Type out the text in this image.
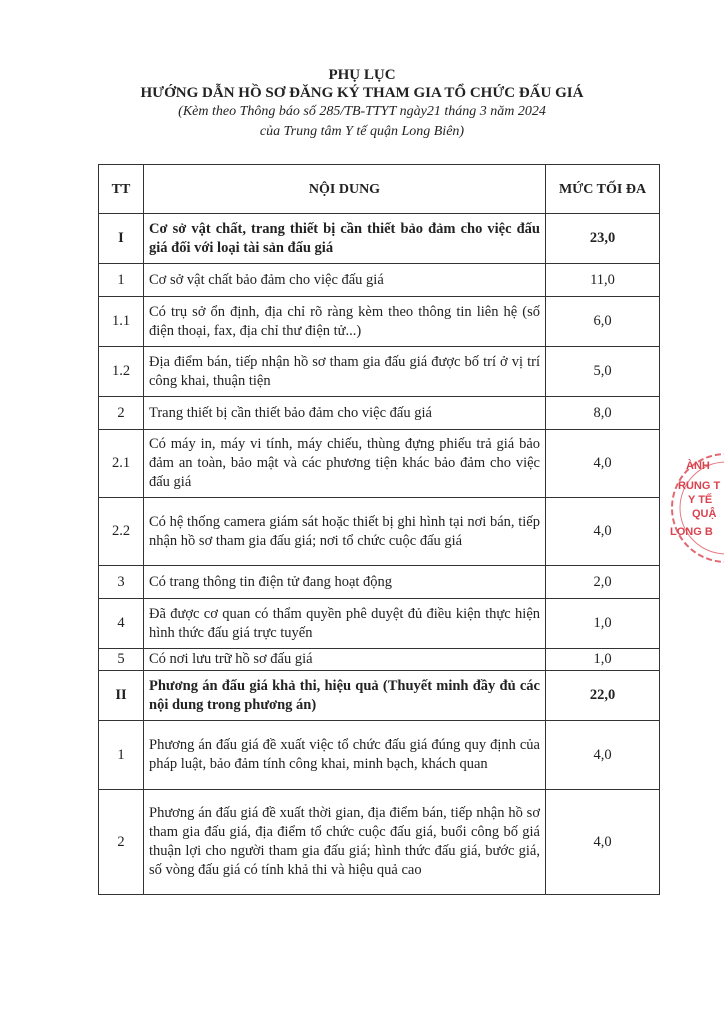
PHỤ LỤC
HƯỚNG DẪN HỒ SƠ ĐĂNG KÝ THAM GIA TỔ CHỨC ĐẤU GIÁ
(Kèm theo Thông báo số 285/TB-TTYT ngày21 tháng 3 năm 2024
của Trung tâm Y tế quận Long Biên)
TT	NỘI DUNG	MỨC TỐI ĐA
I	Cơ sở vật chất, trang thiết bị cần thiết bảo đảm cho việc đấu giá đối với loại tài sản đấu giá	23,0
1	Cơ sở vật chất bảo đảm cho việc đấu giá	11,0
1.1	Có trụ sở ổn định, địa chỉ rõ ràng kèm theo thông tin liên hệ (số điện thoại, fax, địa chỉ thư điện tử...)	6,0
1.2	Địa điểm bán, tiếp nhận hồ sơ tham gia đấu giá được bố trí ở vị trí công khai, thuận tiện	5,0
2	Trang thiết bị cần thiết bảo đảm cho việc đấu giá	8,0
2.1	Có máy in, máy vi tính, máy chiếu, thùng đựng phiếu trả giá bảo đảm an toàn, bảo mật và các phương tiện khác bảo đảm cho việc đấu giá	4,0
2.2	Có hệ thống camera giám sát hoặc thiết bị ghi hình tại nơi bán, tiếp nhận hồ sơ tham gia đấu giá; nơi tổ chức cuộc đấu giá	4,0
3	Có trang thông tin điện tử đang hoạt động	2,0
4	Đã được cơ quan có thẩm quyền phê duyệt đủ điều kiện thực hiện hình thức đấu giá trực tuyến	1,0
5	Có nơi lưu trữ hồ sơ đấu giá	1,0
II	Phương án đấu giá khả thi, hiệu quả (Thuyết minh đầy đủ các nội dung trong phương án)	22,0
1	Phương án đấu giá đề xuất việc tổ chức đấu giá đúng quy định của pháp luật, bảo đảm tính công khai, minh bạch, khách quan	4,0
2	Phương án đấu giá đề xuất thời gian, địa điểm bán, tiếp nhận hồ sơ tham gia đấu giá, địa điểm tổ chức cuộc đấu giá, buổi công bố giá thuận lợi cho người tham gia đấu giá; hình thức đấu giá, bước giá, số vòng đấu giá có tính khả thi và hiệu quả cao	4,0
ÀNH
RUNG T
Y TẾ
QUẬ
LONG B
